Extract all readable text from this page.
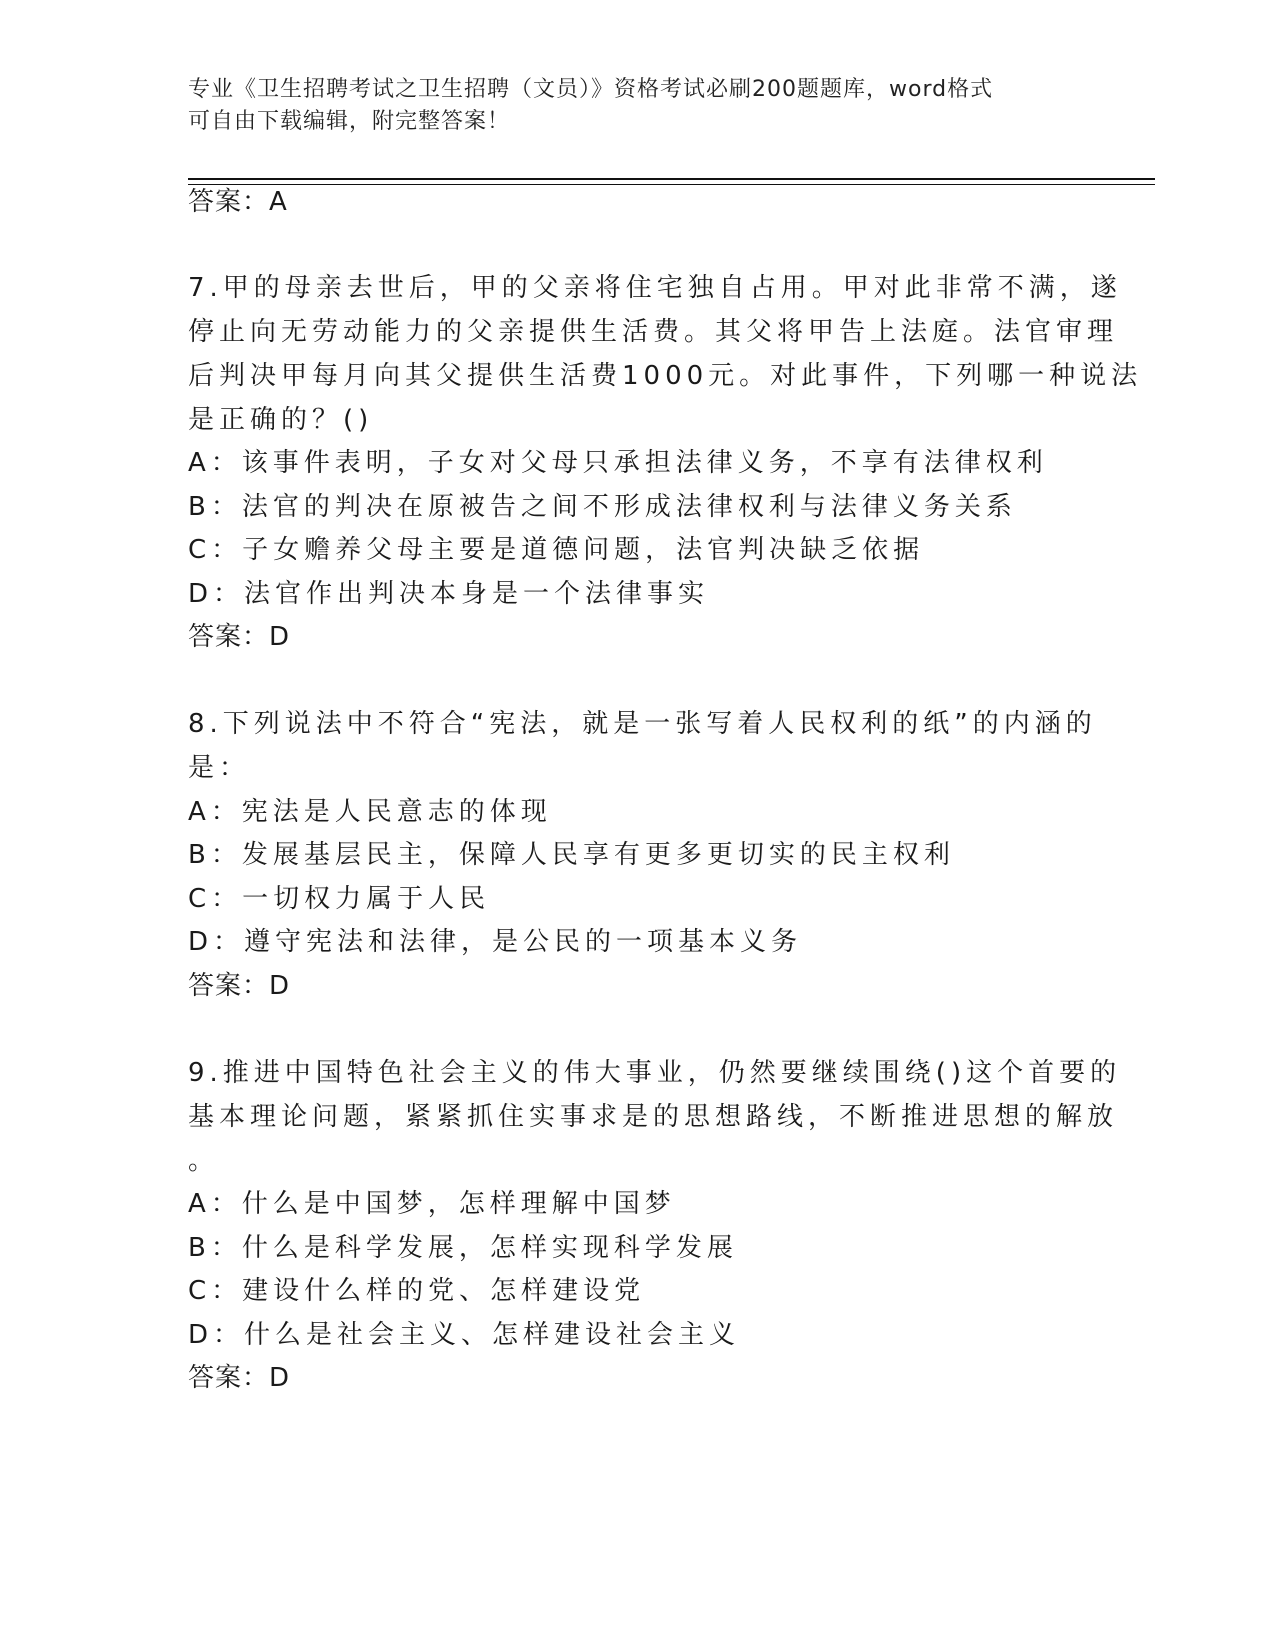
专业《卫生招聘考试之卫生招聘（文员）》资格考试必刷200题题库，word格式
可自由下载编辑，附完整答案！
答案：A
7.甲的母亲去世后，甲的父亲将住宅独自占用。甲对此非常不满，遂
停止向无劳动能力的父亲提供生活费。其父将甲告上法庭。法官审理
后判决甲每月向其父提供生活费1000元。对此事件，下列哪一种说法
是正确的？()
A：该事件表明，子女对父母只承担法律义务，不享有法律权利
B：法官的判决在原被告之间不形成法律权利与法律义务关系
C：子女赡养父母主要是道德问题，法官判决缺乏依据
D：法官作出判决本身是一个法律事实
答案：D
8.下列说法中不符合“宪法，就是一张写着人民权利的纸”的内涵的
是：
A：宪法是人民意志的体现
B：发展基层民主，保障人民享有更多更切实的民主权利
C：一切权力属于人民
D：遵守宪法和法律，是公民的一项基本义务
答案：D
9.推进中国特色社会主义的伟大事业，仍然要继续围绕()这个首要的
基本理论问题，紧紧抓住实事求是的思想路线，不断推进思想的解放
。
A：什么是中国梦，怎样理解中国梦
B：什么是科学发展，怎样实现科学发展
C：建设什么样的党、怎样建设党
D：什么是社会主义、怎样建设社会主义
答案：D
